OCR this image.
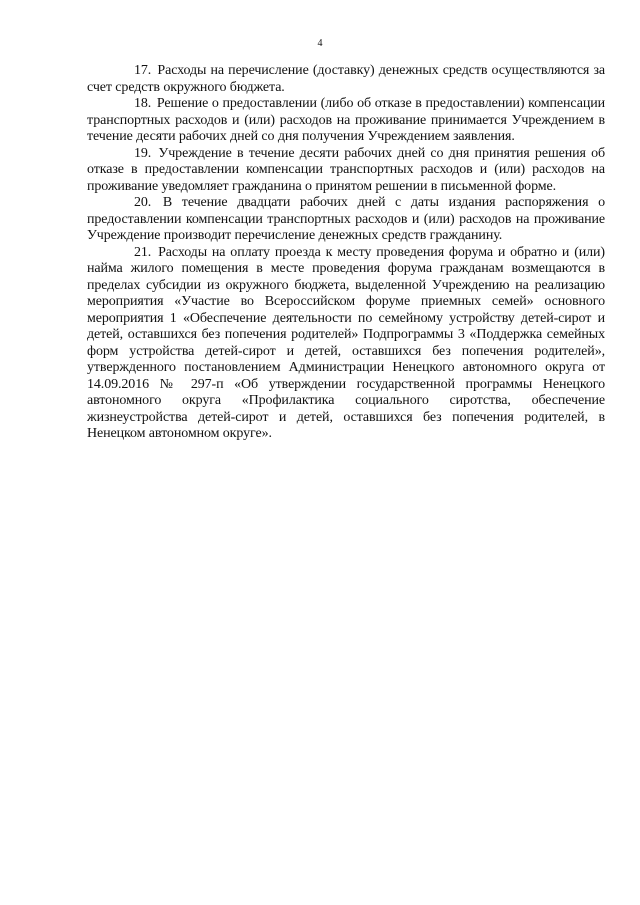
4

17. Расходы на перечисление (доставку) денежных средств осуществляются за счет средств окружного бюджета.

18. Решение о предоставлении (либо об отказе в предоставлении) компенсации транспортных расходов и (или) расходов на проживание принимается Учреждением в течение десяти рабочих дней со дня получения Учреждением заявления.

19. Учреждение в течение десяти рабочих дней со дня принятия решения об отказе в предоставлении компенсации транспортных расходов и (или) расходов на проживание уведомляет гражданина о принятом решении в письменной форме.

20. В течение двадцати рабочих дней с даты издания распоряжения о предоставлении компенсации транспортных расходов и (или) расходов на проживание Учреждение производит перечисление денежных средств гражданину.

21. Расходы на оплату проезда к месту проведения форума и обратно и (или) найма жилого помещения в месте проведения форума гражданам возмещаются в пределах субсидии из окружного бюджета, выделенной Учреждению на реализацию мероприятия «Участие во Всероссийском форуме приемных семей» основного мероприятия 1 «Обеспечение деятельности по семейному устройству детей-сирот и детей, оставшихся без попечения родителей» Подпрограммы 3 «Поддержка семейных форм устройства детей-сирот и детей, оставшихся без попечения родителей», утвержденного постановлением Администрации Ненецкого автономного округа от 14.09.2016 № 297-п «Об утверждении государственной программы Ненецкого автономного округа «Профилактика социального сиротства, обеспечение жизнеустройства детей-сирот и детей, оставшихся без попечения родителей, в Ненецком автономном округе».
